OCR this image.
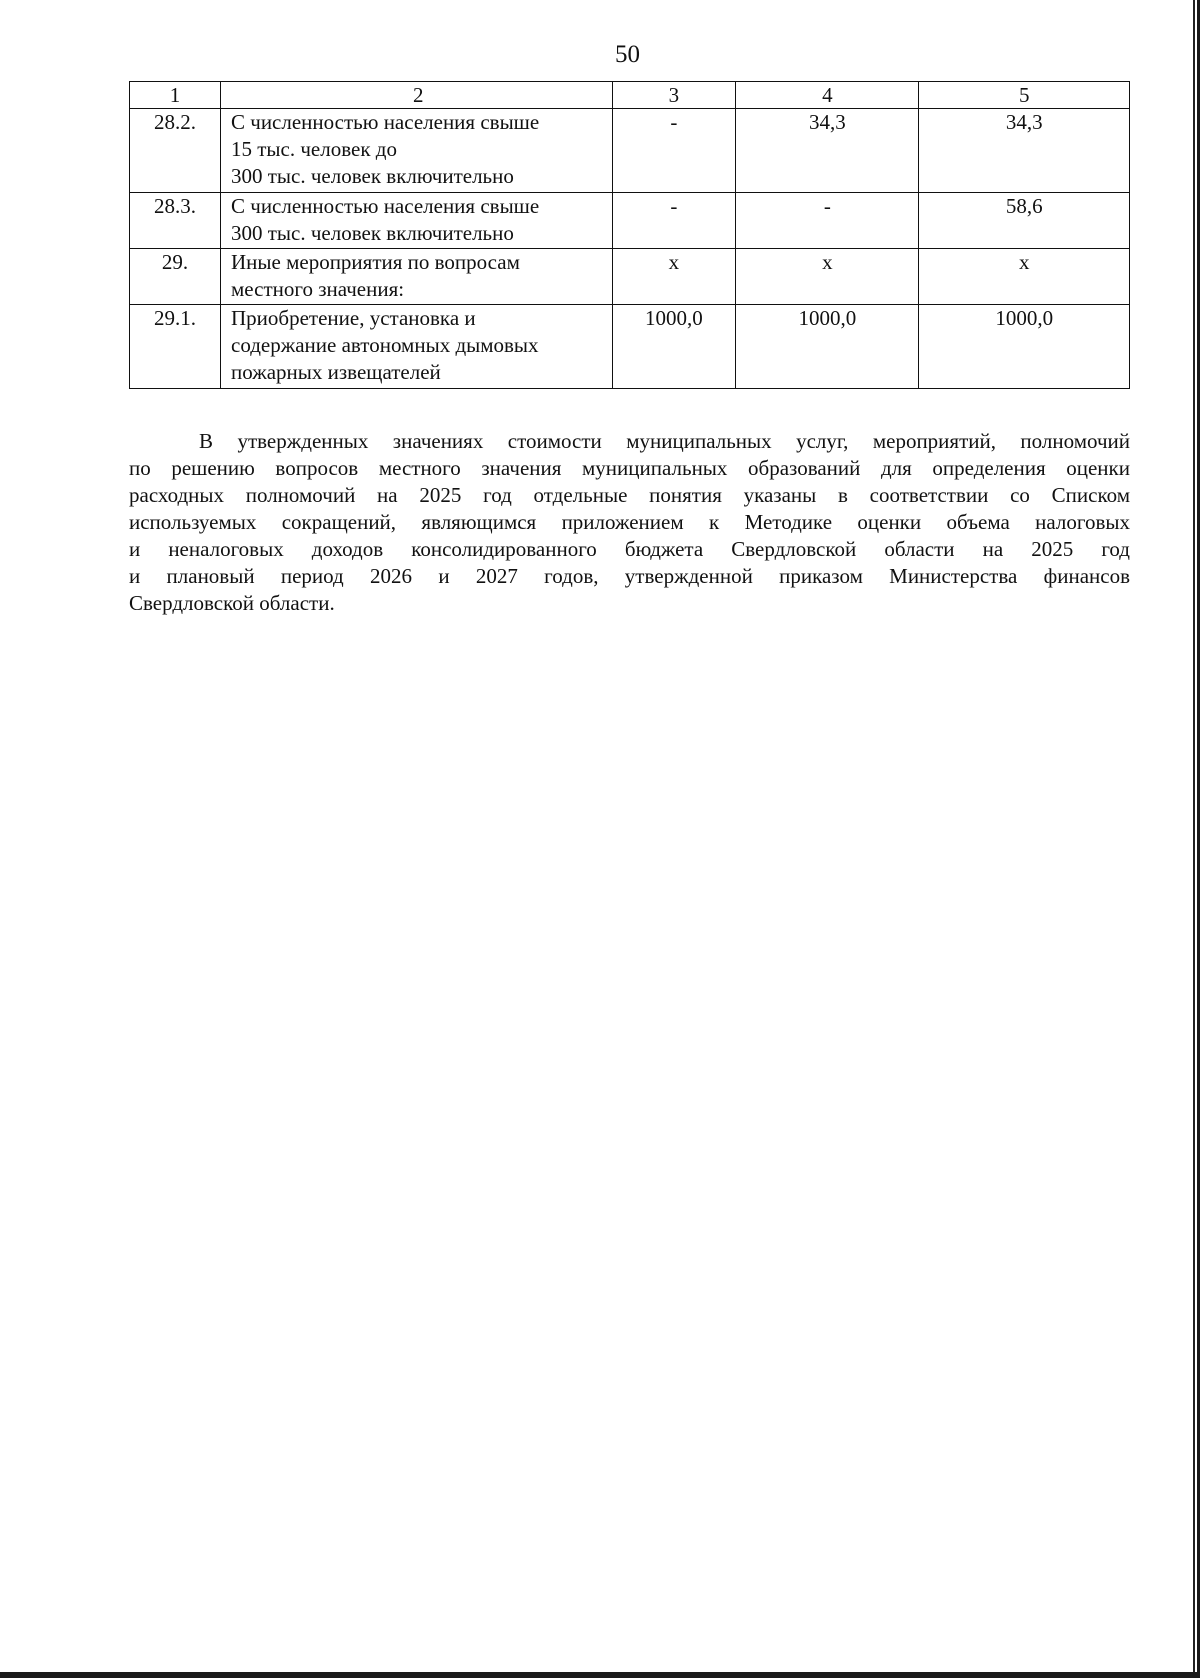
50
1	2	3	4	5
28.2.	С численностью населения свыше
15 тыс. человек до
300 тыс. человек включительно	-	34,3	34,3
28.3.	С численностью населения свыше
300 тыс. человек включительно	-	-	58,6
29.	Иные мероприятия по вопросам
местного значения:	х	х	х
29.1.	Приобретение, установка и
содержание автономных дымовых
пожарных извещателей	1000,0	1000,0	1000,0
В утвержденных значениях стоимости муниципальных услуг, мероприятий, полномочий
по решению вопросов местного значения муниципальных образований для определения оценки
расходных полномочий на 2025 год отдельные понятия указаны в соответствии со Списком
используемых сокращений, являющимся приложением к Методике оценки объема налоговых
и неналоговых доходов консолидированного бюджета Свердловской области на 2025 год
и плановый период 2026 и 2027 годов, утвержденной приказом Министерства финансов
Свердловской области.
